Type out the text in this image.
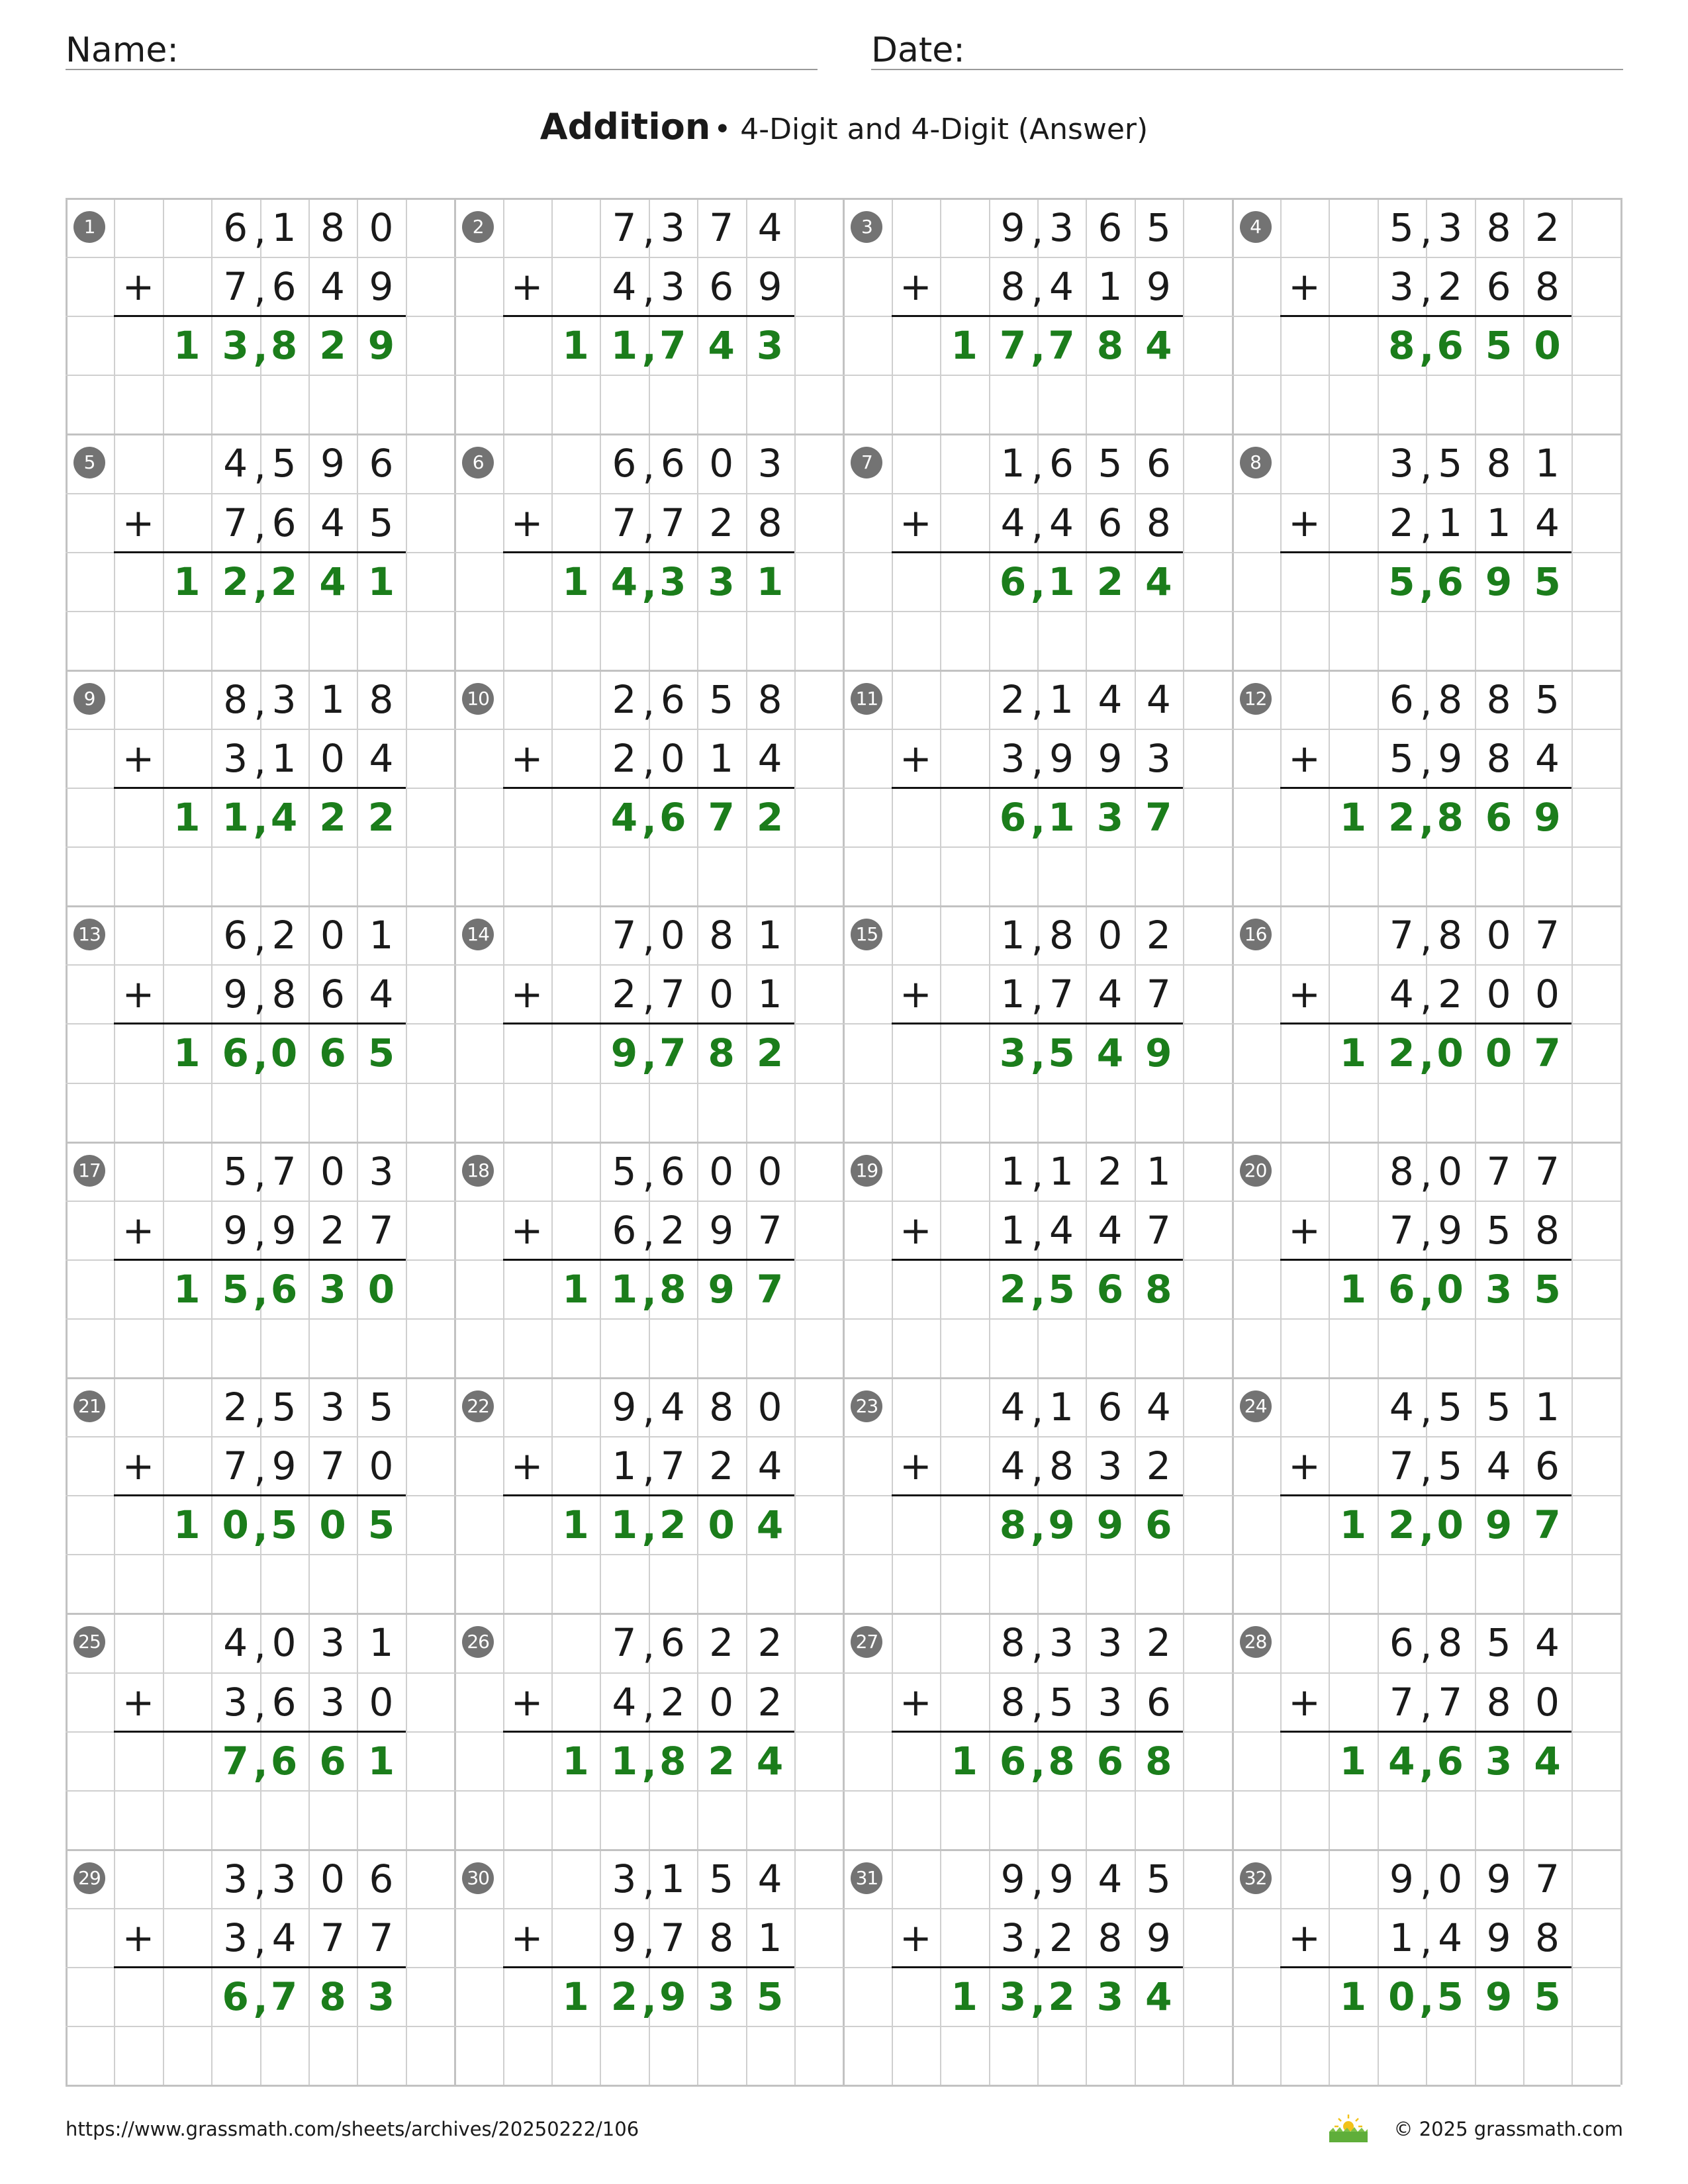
Name:	Date:
Addition • 4-Digit and 4-Digit (Answer)
1
+
6 , 1 8 0
7 , 6 4 9
1 3 , 8 2 9
2
+
7 , 3 7 4
4 , 3 6 9
1 1 , 7 4 3
3
+
9 , 3 6 5
8 , 4 1 9
1 7 , 7 8 4
4
+
5 , 3 8 2
3 , 2 6 8
8 , 6 5 0
5
+
4 , 5 9 6
7 , 6 4 5
1 2 , 2 4 1
6
+
6 , 6 0 3
7 , 7 2 8
1 4 , 3 3 1
7
+
1 , 6 5 6
4 , 4 6 8
6 , 1 2 4
8
+
3 , 5 8 1
2 , 1 1 4
5 , 6 9 5
9
+
8 , 3 1 8
3 , 1 0 4
1 1 , 4 2 2
10
+
2 , 6 5 8
2 , 0 1 4
4 , 6 7 2
11
+
2 , 1 4 4
3 , 9 9 3
6 , 1 3 7
12
+
6 , 8 8 5
5 , 9 8 4
1 2 , 8 6 9
13
+
6 , 2 0 1
9 , 8 6 4
1 6 , 0 6 5
14
+
7 , 0 8 1
2 , 7 0 1
9 , 7 8 2
15
+
1 , 8 0 2
1 , 7 4 7
3 , 5 4 9
16
+
7 , 8 0 7
4 , 2 0 0
1 2 , 0 0 7
17
+
5 , 7 0 3
9 , 9 2 7
1 5 , 6 3 0
18
+
5 , 6 0 0
6 , 2 9 7
1 1 , 8 9 7
19
+
1 , 1 2 1
1 , 4 4 7
2 , 5 6 8
20
+
8 , 0 7 7
7 , 9 5 8
1 6 , 0 3 5
21
+
2 , 5 3 5
7 , 9 7 0
1 0 , 5 0 5
22
+
9 , 4 8 0
1 , 7 2 4
1 1 , 2 0 4
23
+
4 , 1 6 4
4 , 8 3 2
8 , 9 9 6
24
+
4 , 5 5 1
7 , 5 4 6
1 2 , 0 9 7
25
+
4 , 0 3 1
3 , 6 3 0
7 , 6 6 1
26
+
7 , 6 2 2
4 , 2 0 2
1 1 , 8 2 4
27
+
8 , 3 3 2
8 , 5 3 6
1 6 , 8 6 8
28
+
6 , 8 5 4
7 , 7 8 0
1 4 , 6 3 4
29
+
3 , 3 0 6
3 , 4 7 7
6 , 7 8 3
30
+
3 , 1 5 4
9 , 7 8 1
1 2 , 9 3 5
31
+
9 , 9 4 5
3 , 2 8 9
1 3 , 2 3 4
32
+
9 , 0 9 7
1 , 4 9 8
1 0 , 5 9 5
https://www.grassmath.com/sheets/archives/20250222/106	© 2025 grassmath.com
